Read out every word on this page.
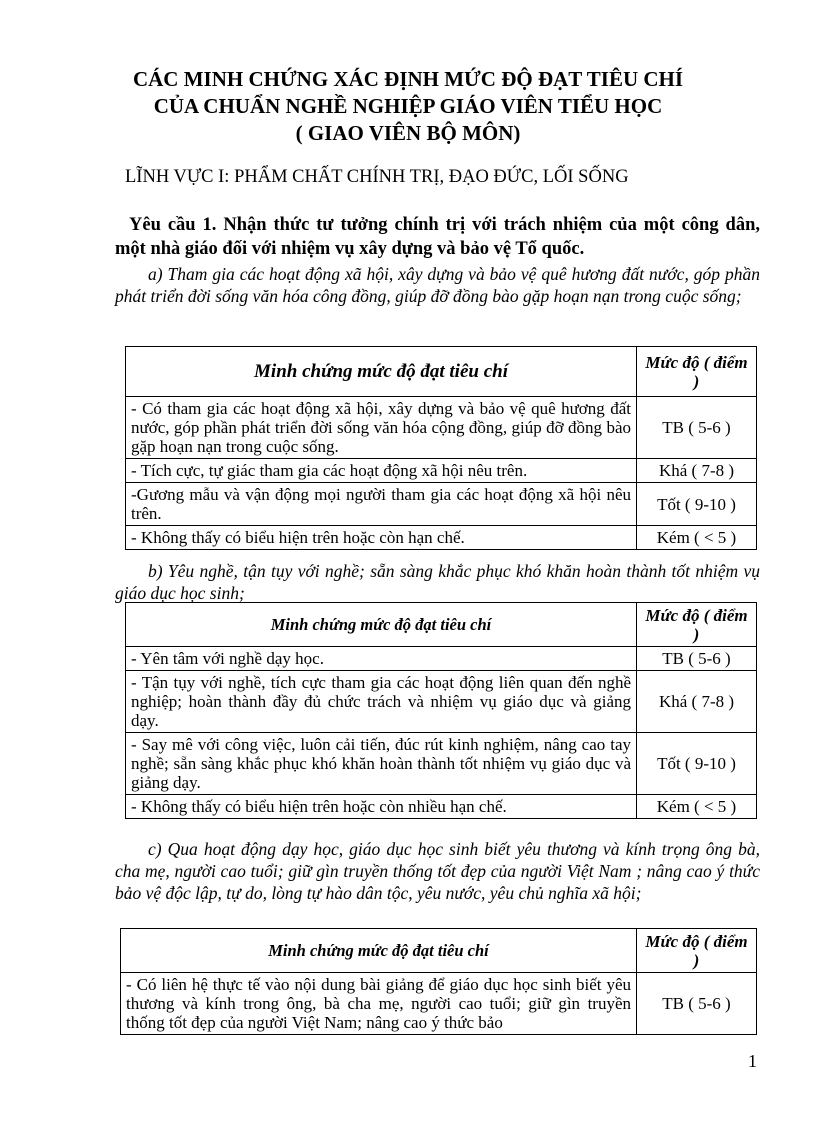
CÁC MINH CHỨNG XÁC ĐỊNH MỨC ĐỘ ĐẠT TIÊU CHÍ
CỦA CHUẨN NGHỀ NGHIỆP GIÁO VIÊN TIỂU HỌC
( GIAO VIÊN BỘ MÔN)
LĨNH VỰC I: PHẨM CHẤT CHÍNH TRỊ, ĐẠO ĐỨC, LỐI SỐNG
Yêu cầu 1. Nhận thức tư tưởng chính trị với trách nhiệm của một công dân, một nhà giáo đối với nhiệm vụ xây dựng và bảo vệ Tổ quốc.
a) Tham gia các hoạt động xã hội, xây dựng và bảo vệ quê hương đất nước, góp phần phát triển đời sống văn hóa công đồng, giúp đỡ đồng bào gặp hoạn nạn trong cuộc sống;
Minh chứng mức độ đạt tiêu chí	Mức độ ( điểm )
- Có tham gia các hoạt động xã hội, xây dựng và bảo vệ quê hương đất nước, góp phần phát triển đời sống văn hóa cộng đồng, giúp đỡ đồng bào gặp hoạn nạn trong cuộc sống.	TB ( 5-6 )
- Tích cực, tự giác tham gia các hoạt động xã hội nêu trên.	Khá ( 7-8 )
-Gương mẫu và vận động mọi người tham gia các hoạt động xã hội nêu trên.	Tốt ( 9-10 )
- Không thấy có biểu hiện trên hoặc còn hạn chế.	Kém ( < 5 )
b) Yêu nghề, tận tụy với nghề; sẵn sàng khắc phục khó khăn hoàn thành tốt nhiệm vụ giáo dục học sinh;
Minh chứng mức độ đạt tiêu chí	Mức độ ( điểm )
- Yên tâm với nghề dạy học.	TB ( 5-6 )
- Tận tụy với nghề, tích cực tham gia các hoạt động liên quan đến nghề nghiệp; hoàn thành đầy đủ chức trách và nhiệm vụ giáo dục và giảng dạy.	Khá ( 7-8 )
- Say mê với công việc, luôn cải tiến, đúc rút kinh nghiệm, nâng cao tay nghề; sẵn sàng khắc phục khó khăn hoàn thành tốt nhiệm vụ giáo dục và giảng dạy.	Tốt ( 9-10 )
- Không thấy có biểu hiện trên hoặc còn nhiều hạn chế.	Kém ( < 5 )
c) Qua hoạt động dạy học, giáo dục học sinh biết yêu thương và kính trọng ông bà, cha mẹ, người cao tuổi; giữ gìn truyền thống tốt đẹp của người Việt Nam ; nâng cao ý thức bảo vệ độc lập, tự do, lòng tự hào dân tộc, yêu nước, yêu chủ nghĩa xã hội;
Minh chứng mức độ đạt tiêu chí	Mức độ ( điểm )
- Có liên hệ thực tế vào nội dung bài giảng để giáo dục học sinh biết yêu thương và kính trong ông, bà cha mẹ, người cao tuổi; giữ gìn truyền thống tốt đẹp của người Việt Nam; nâng cao ý thức bảo	TB ( 5-6 )
1
